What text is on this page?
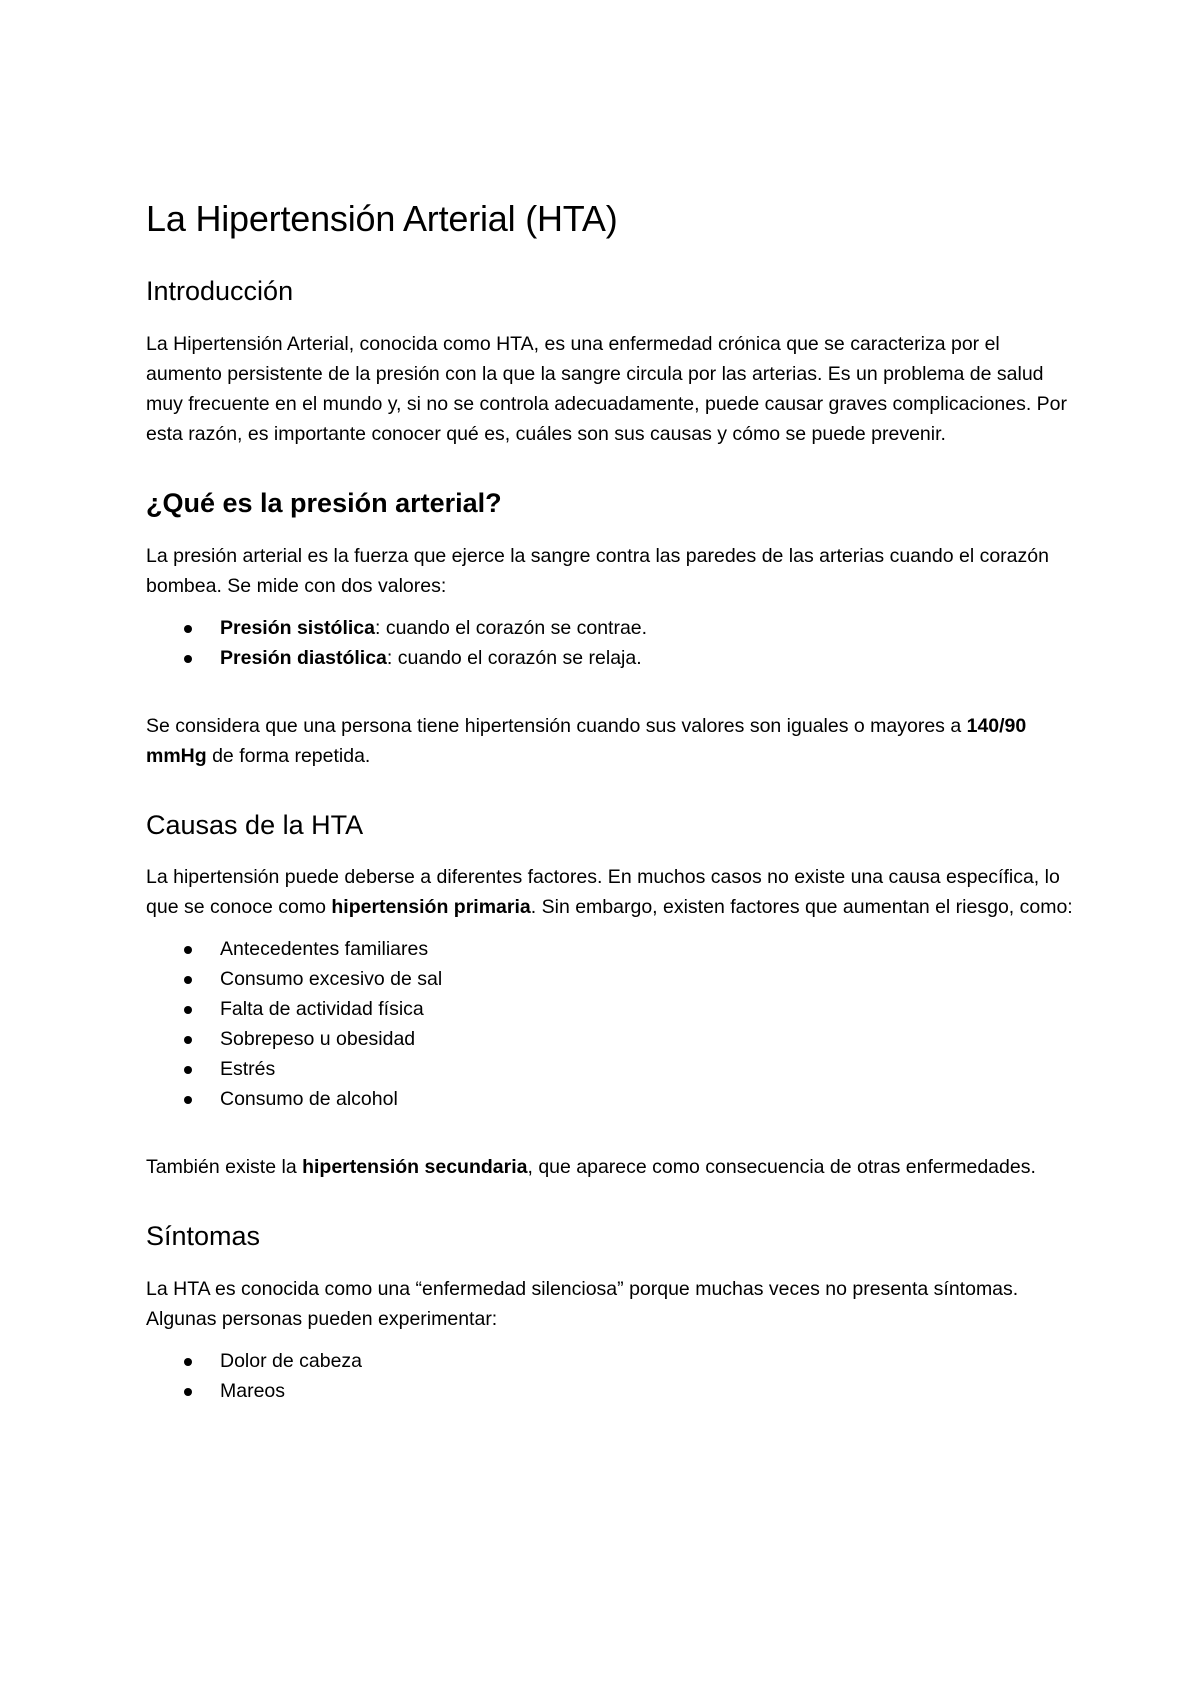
La Hipertensión Arterial (HTA)
Introducción

La Hipertensión Arterial, conocida como HTA, es una enfermedad crónica que se caracteriza por el aumento persistente de la presión con la que la sangre circula por las arterias. Es un problema de salud muy frecuente en el mundo y, si no se controla adecuadamente, puede causar graves complicaciones. Por esta razón, es importante conocer qué es, cuáles son sus causas y cómo se puede prevenir.

¿Qué es la presión arterial?

La presión arterial es la fuerza que ejerce la sangre contra las paredes de las arterias cuando el corazón bombea. Se mide con dos valores:

Presión sistólica: cuando el corazón se contrae.
Presión diastólica: cuando el corazón se relaja.

Se considera que una persona tiene hipertensión cuando sus valores son iguales o mayores a 140/90 mmHg de forma repetida.

Causas de la HTA

La hipertensión puede deberse a diferentes factores. En muchos casos no existe una causa específica, lo que se conoce como hipertensión primaria. Sin embargo, existen factores que aumentan el riesgo, como:

Antecedentes familiares
Consumo excesivo de sal
Falta de actividad física
Sobrepeso u obesidad
Estrés
Consumo de alcohol

También existe la hipertensión secundaria, que aparece como consecuencia de otras enfermedades.

Síntomas

La HTA es conocida como una “enfermedad silenciosa” porque muchas veces no presenta síntomas. Algunas personas pueden experimentar:

Dolor de cabeza
Mareos
